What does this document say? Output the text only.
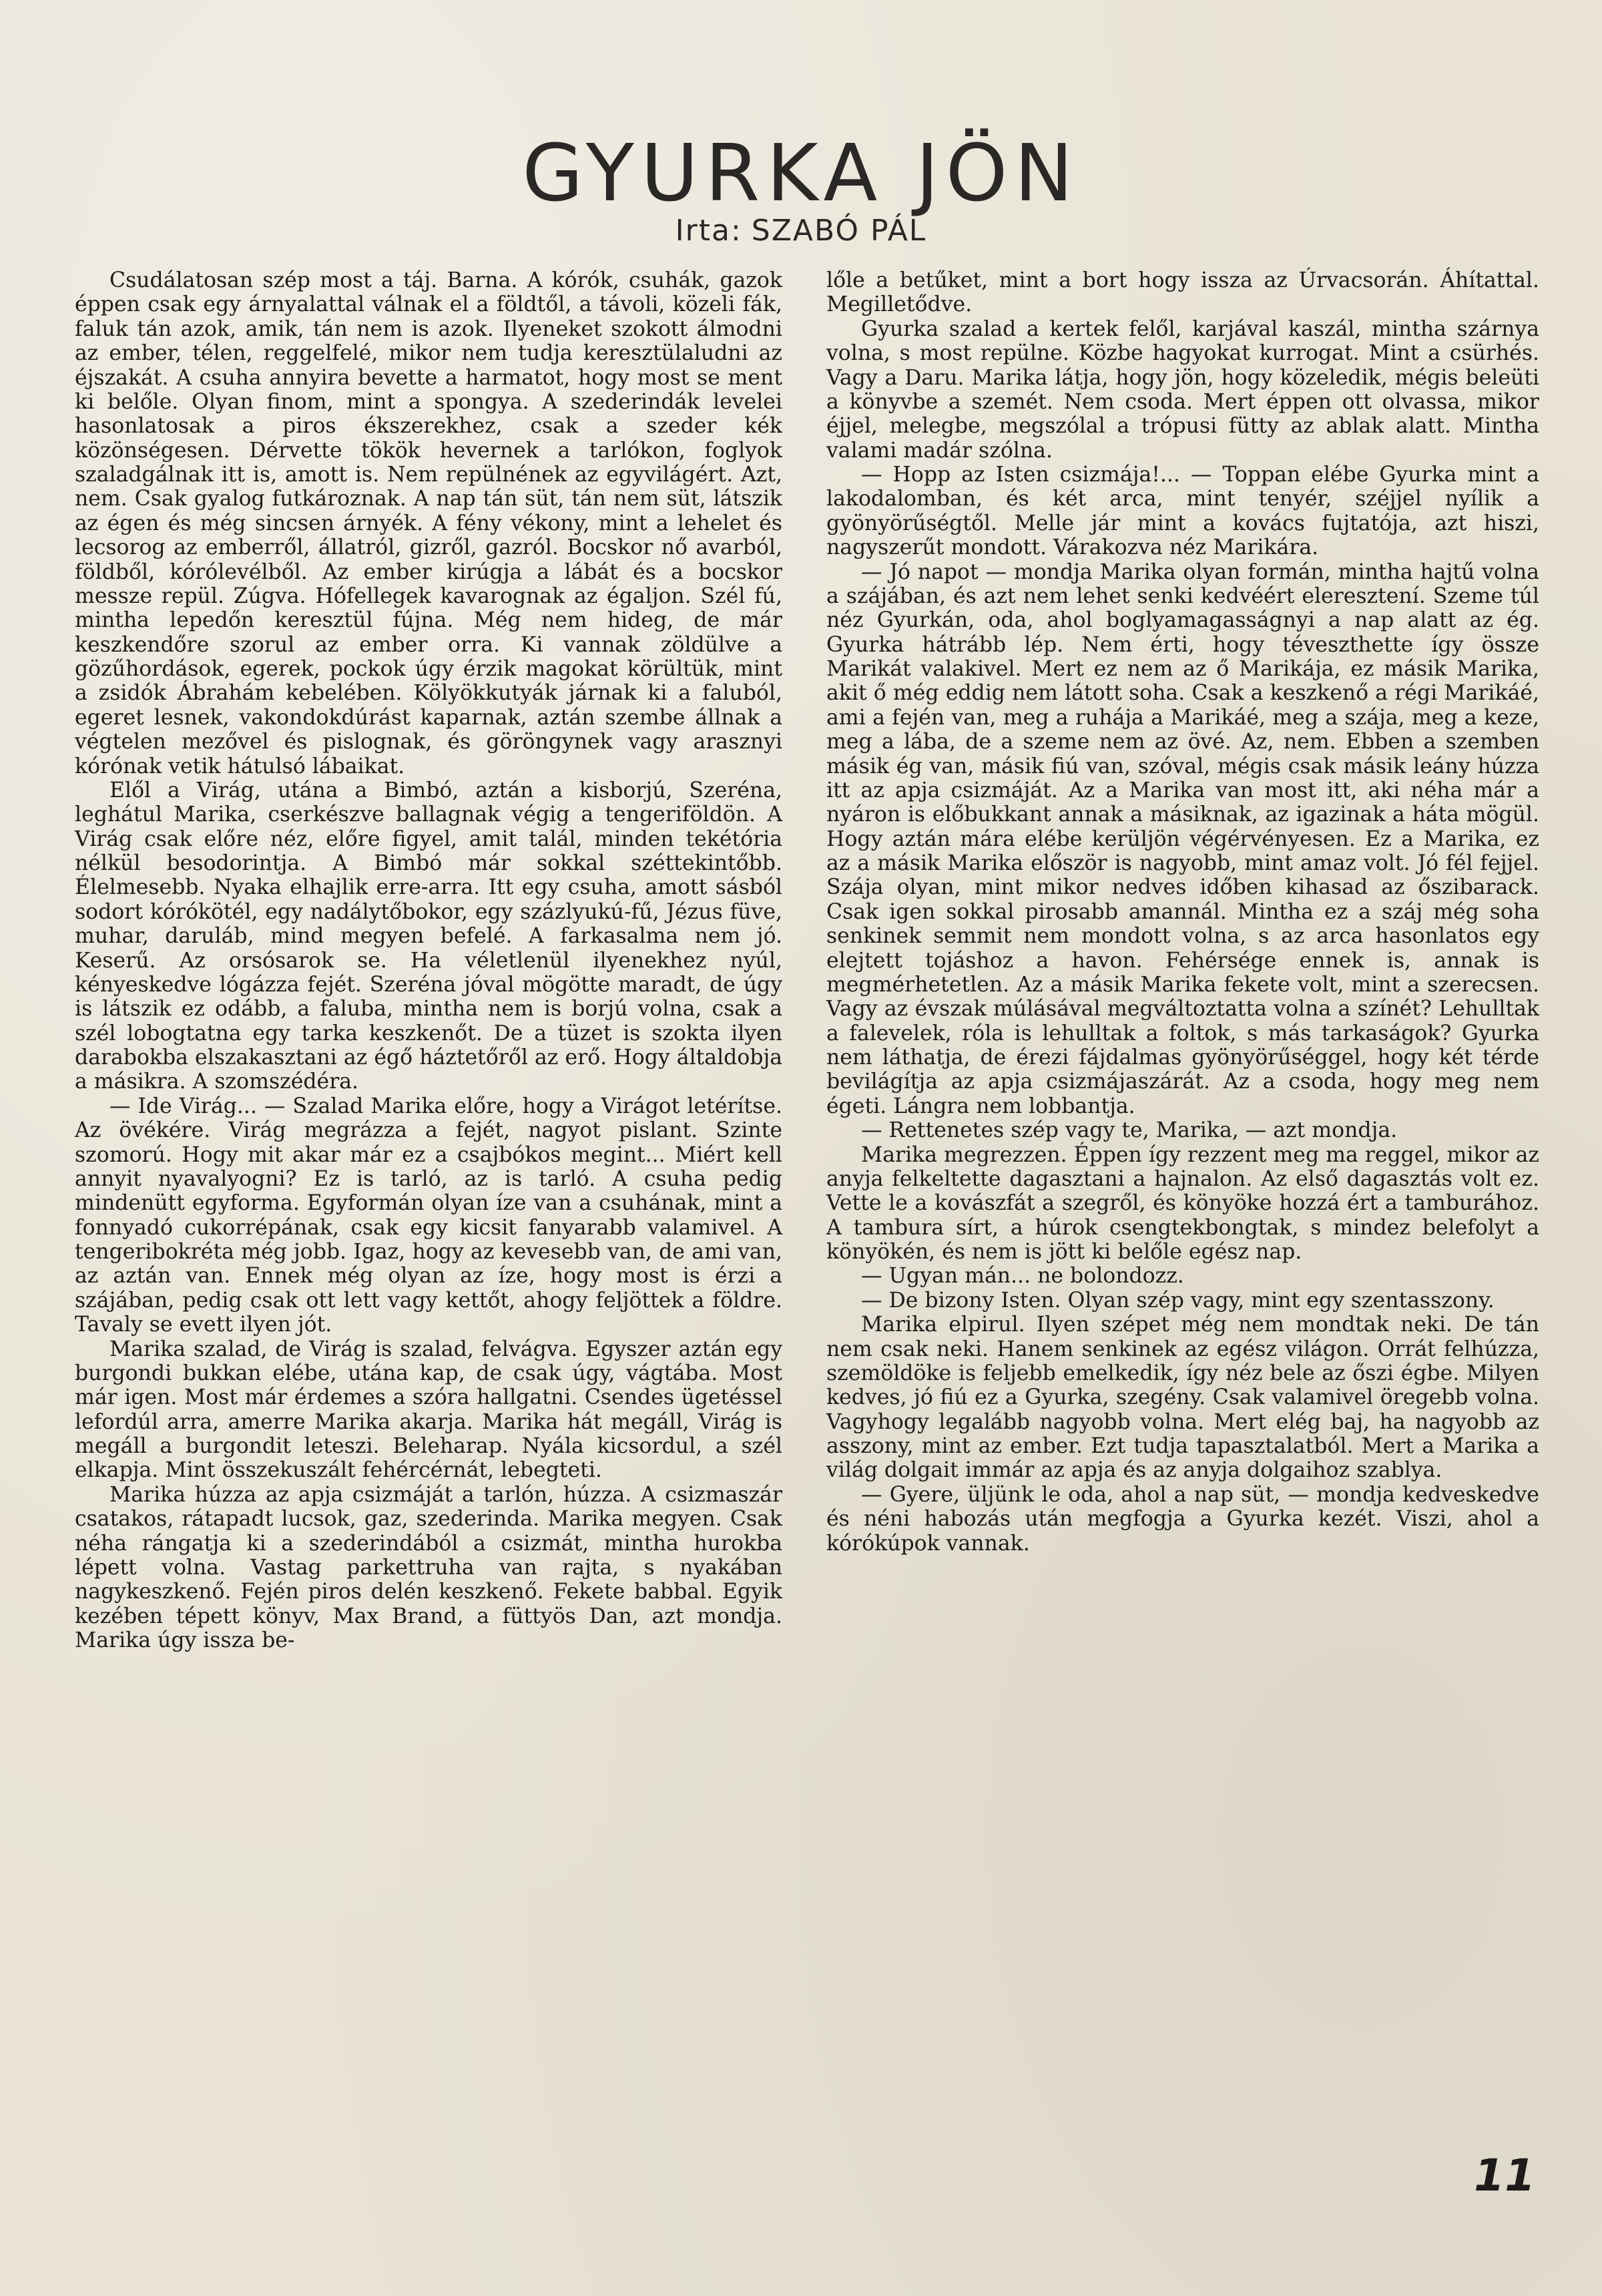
GYURKA JÖN
Irta: SZABÓ PÁL

Csudálatosan szép most a táj. Barna. A kórók, csuhák, gazok éppen csak egy árnyalattal válnak el a földtől, a távoli, közeli fák, faluk tán azok, amik, tán nem is azok. Ilyeneket szokott álmodni az ember, télen, reggelfelé, mikor nem tudja keresztülaludni az éjszakát. A csuha annyira bevette a harmatot, hogy most se ment ki belőle. Olyan finom, mint a spongya. A szederindák levelei hasonlatosak a piros ékszerekhez, csak a szeder kék közönségesen. Dérvette tökök hevernek a tarlókon, foglyok szaladgálnak itt is, amott is. Nem repülnének az egyvilágért. Azt, nem. Csak gyalog futkároznak. A nap tán süt, tán nem süt, látszik az égen és még sincsen árnyék. A fény vékony, mint a lehelet és lecsorog az emberről, állatról, gizről, gazról. Bocskor nő avarból, földből, kórólevélből. Az ember kirúgja a lábát és a bocskor messze repül. Zúgva. Hófellegek kavarognak az égaljon. Szél fú, mintha lepedőn keresztül fújna. Még nem hideg, de már keszkendőre szorul az ember orra. Ki vannak zöldülve a gözűhordások, egerek, pockok úgy érzik magokat körültük, mint a zsidók Ábrahám kebelében. Kölyökkutyák járnak ki a faluból, egeret lesnek, vakondokdúrást kaparnak, aztán szembe állnak a végtelen mezővel és pislognak, és göröngynek vagy arasznyi kórónak vetik hátulsó lábaikat.

Elől a Virág, utána a Bimbó, aztán a kisborjú, Szeréna, leghátul Marika, cserkészve ballagnak végig a tengeriföldön. A Virág csak előre néz, előre figyel, amit talál, minden tekétória nélkül besodorintja. A Bimbó már sokkal széttekintőbb. Élelmesebb. Nyaka elhajlik erre-arra. Itt egy csuha, amott sásból sodort kórókötél, egy nadálytőbokor, egy százlyukú-fű, Jézus füve, muhar, daruláb, mind megyen befelé. A farkasalma nem jó. Keserű. Az orsósarok se. Ha véletlenül ilyenekhez nyúl, kényeskedve lógázza fejét. Szeréna jóval mögötte maradt, de úgy is látszik ez odább, a faluba, mintha nem is borjú volna, csak a szél lobogtatna egy tarka keszkenőt. De a tüzet is szokta ilyen darabokba elszakasztani az égő háztetőről az erő. Hogy általdobja a másikra. A szomszédéra.

— Ide Virág... — Szalad Marika előre, hogy a Virágot letérítse. Az övékére. Virág megrázza a fejét, nagyot pislant. Szinte szomorú. Hogy mit akar már ez a csajbókos megint... Miért kell annyit nyavalyogni? Ez is tarló, az is tarló. A csuha pedig mindenütt egyforma. Egyformán olyan íze van a csuhának, mint a fonnyadó cukorrépának, csak egy kicsit fanyarabb valamivel. A tengeribokréta még jobb. Igaz, hogy az kevesebb van, de ami van, az aztán van. Ennek még olyan az íze, hogy most is érzi a szájában, pedig csak ott lett vagy kettőt, ahogy feljöttek a földre. Tavaly se evett ilyen jót.

Marika szalad, de Virág is szalad, felvágva. Egyszer aztán egy burgondi bukkan elébe, utána kap, de csak úgy, vágtába. Most már igen. Most már érdemes a szóra hallgatni. Csendes ügetéssel lefordúl arra, amerre Marika akarja. Marika hát megáll, Virág is megáll a burgondit leteszi. Beleharap. Nyála kicsordul, a szél elkapja. Mint összekuszált fehércérnát, lebegteti.

Marika húzza az apja csizmáját a tarlón, húzza. A csizmaszár csatakos, rátapadt lucsok, gaz, szederinda. Marika megyen. Csak néha rángatja ki a szederindából a csizmát, mintha hurokba lépett volna. Vastag parkettruha van rajta, s nyakában nagykeszkenő. Fején piros delén keszkenő. Fekete babbal. Egyik kezében tépett könyv, Max Brand, a füttyös Dan, azt mondja. Marika úgy issza be-

lőle a betűket, mint a bort hogy issza az Úrvacsorán. Áhítattal. Megilletődve.

Gyurka szalad a kertek felől, karjával kaszál, mintha szárnya volna, s most repülne. Közbe hagyokat kurrogat. Mint a csürhés. Vagy a Daru. Marika látja, hogy jön, hogy közeledik, mégis beleüti a könyvbe a szemét. Nem csoda. Mert éppen ott olvassa, mikor éjjel, melegbe, megszólal a trópusi fütty az ablak alatt. Mintha valami madár szólna.

— Hopp az Isten csizmája!... — Toppan elébe Gyurka mint a lakodalomban, és két arca, mint tenyér, széjjel nyílik a gyönyörűségtől. Melle jár mint a kovács fujtatója, azt hiszi, nagyszerűt mondott. Várakozva néz Marikára.

— Jó napot — mondja Marika olyan formán, mintha hajtű volna a szájában, és azt nem lehet senki kedvéért eleresztení. Szeme túl néz Gyurkán, oda, ahol boglyamagasságnyi a nap alatt az ég. Gyurka hátrább lép. Nem érti, hogy téveszthette így össze Marikát valakivel. Mert ez nem az ő Marikája, ez másik Marika, akit ő még eddig nem látott soha. Csak a keszkenő a régi Marikáé, ami a fején van, meg a ruhája a Marikáé, meg a szája, meg a keze, meg a lába, de a szeme nem az övé. Az, nem. Ebben a szemben másik ég van, másik fiú van, szóval, mégis csak másik leány húzza itt az apja csizmáját. Az a Marika van most itt, aki néha már a nyáron is előbukkant annak a másiknak, az igazinak a háta mögül. Hogy aztán mára elébe kerüljön végérvényesen. Ez a Marika, ez az a másik Marika először is nagyobb, mint amaz volt. Jó fél fejjel. Szája olyan, mint mikor nedves időben kihasad az őszibarack. Csak igen sokkal pirosabb amannál. Mintha ez a száj még soha senkinek semmit nem mondott volna, s az arca hasonlatos egy elejtett tojáshoz a havon. Fehérsége ennek is, annak is megmérhetetlen. Az a másik Marika fekete volt, mint a szerecsen. Vagy az évszak múlásával megváltoztatta volna a színét? Lehulltak a falevelek, róla is lehulltak a foltok, s más tarkaságok? Gyurka nem láthatja, de érezi fájdalmas gyönyörűséggel, hogy két térde bevilágítja az apja csizmájaszárát. Az a csoda, hogy meg nem égeti. Lángra nem lobbantja.

— Rettenetes szép vagy te, Marika, — azt mondja.

Marika megrezzen. Éppen így rezzent meg ma reggel, mikor az anyja felkeltette dagasztani a hajnalon. Az első dagasztás volt ez. Vette le a kovászfát a szegről, és könyöke hozzá ért a tamburához. A tambura sírt, a húrok csengtekbongtak, s mindez belefolyt a könyökén, és nem is jött ki belőle egész nap.

— Ugyan mán... ne bolondozz.

— De bizony Isten. Olyan szép vagy, mint egy szentasszony.

Marika elpirul. Ilyen szépet még nem mondtak neki. De tán nem csak neki. Hanem senkinek az egész világon. Orrát felhúzza, szemöldöke is feljebb emelkedik, így néz bele az őszi égbe. Milyen kedves, jó fiú ez a Gyurka, szegény. Csak valamivel öregebb volna. Vagyhogy legalább nagyobb volna. Mert elég baj, ha nagyobb az asszony, mint az ember. Ezt tudja tapasztalatból. Mert a Marika a világ dolgait immár az apja és az anyja dolgaihoz szablya.

— Gyere, üljünk le oda, ahol a nap süt, — mondja kedveskedve és néni habozás után megfogja a Gyurka kezét. Viszi, ahol a kórókúpok vannak.

11
